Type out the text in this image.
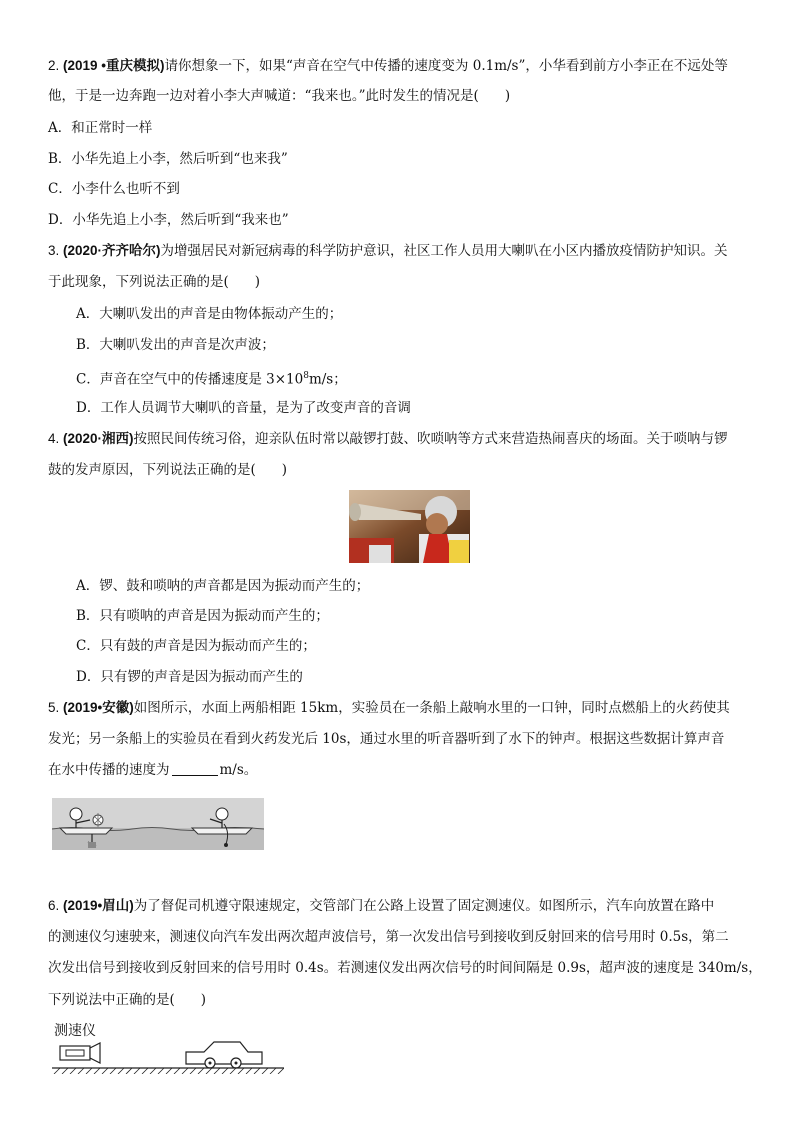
2. (2019 •重庆模拟)请你想象一下，如果“声音在空气中传播的速度变为 0.1m/s”，小华看到前方小李正在不远处等
他，于是一边奔跑一边对着小李大声喊道：“我来也。”此时发生的情况是( )
A．和正常时一样
B．小华先追上小李，然后听到“也来我”
C．小李什么也听不到
D．小华先追上小李，然后听到“我来也”
3. (2020·齐齐哈尔)为增强居民对新冠病毒的科学防护意识，社区工作人员用大喇叭在小区内播放疫情防护知识。关
于此现象，下列说法正确的是( )
A．大喇叭发出的声音是由物体振动产生的；
B．大喇叭发出的声音是次声波；
C．声音在空气中的传播速度是 $3\times 10^8m/s$；
D．工作人员调节大喇叭的音量，是为了改变声音的音调
4. (2020·湘西)按照民间传统习俗，迎亲队伍时常以敲锣打鼓、吹唢呐等方式来营造热闹喜庆的场面。关于唢呐与锣
鼓的发声原因，下列说法正确的是( )
A．锣、鼓和唢呐的声音都是因为振动而产生的；
B．只有唢呐的声音是因为振动而产生的；
C．只有鼓的声音是因为振动而产生的；
D．只有锣的声音是因为振动而产生的
5. (2019•安徽)如图所示，水面上两船相距 15km，实验员在一条船上敲响水里的一口钟，同时点燃船上的火药使其
发光；另一条船上的实验员在看到火药发光后 10s，通过水里的听音器听到了水下的钟声。根据这些数据计算声音
在水中传播的速度为	m/s。
6. (2019•眉山)为了督促司机遵守限速规定，交管部门在公路上设置了固定测速仪。如图所示，汽车向放置在路中
的测速仪匀速驶来，测速仪向汽车发出两次超声波信号，第一次发出信号到接收到反射回来的信号用时 0.5s，第二
次发出信号到接收到反射回来的信号用时 0.4s。若测速仪发出两次信号的时间间隔是 0.9s，超声波的速度是 340m/s，
下列说法中正确的是( )
测速仪
